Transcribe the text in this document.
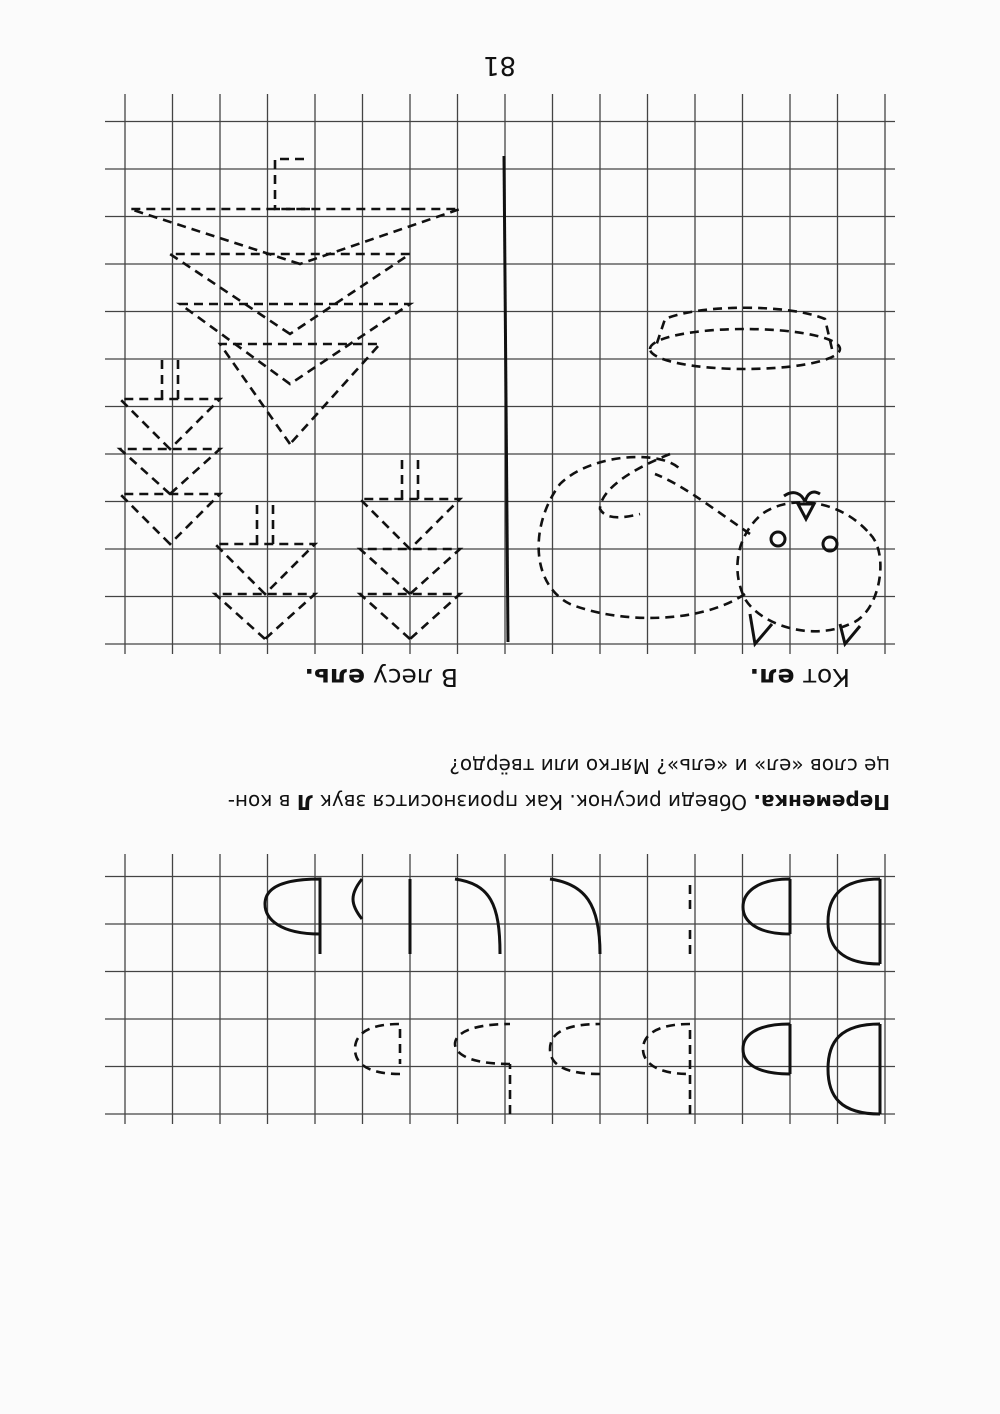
81
Переменка. Обведи рисунок. Как произносится звук Л в кон-
це слов «ел» и «ель»? Мягко или твёрдо?
Кот ел.
В лесу ель.
